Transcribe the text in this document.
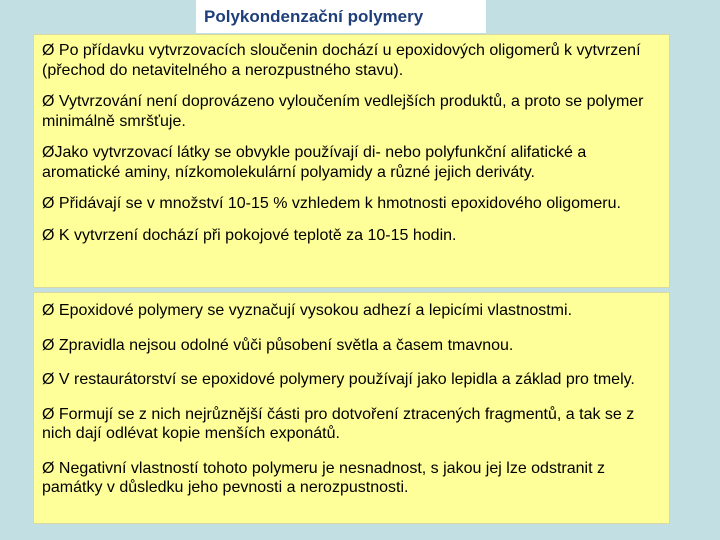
Polykondenzační polymery

Ø Po přídavku vytvrzovacích sloučenin dochází u epoxidových oligomerů k vytvrzení (přechod do netavitelného a nerozpustného stavu).

Ø Vytvrzování není doprovázeno vyloučením vedlejších produktů, a proto se polymer minimálně smršťuje.

ØJako vytvrzovací látky se obvykle používají di- nebo polyfunkční alifatické a aromatické aminy, nízkomolekulární polyamidy a různé jejich deriváty.

Ø Přidávají se v množství 10-15 % vzhledem k hmotnosti epoxidového oligomeru.

Ø K vytvrzení dochází při pokojové teplotě za 10-15 hodin.

Ø Epoxidové polymery se vyznačují vysokou adhezí a lepicími vlastnostmi.

Ø Zpravidla nejsou odolné vůči působení světla a časem tmavnou.

Ø V restaurátorství se epoxidové polymery používají jako lepidla a základ pro tmely.

Ø Formují se z nich nejrůznější části pro dotvoření ztracených fragmentů, a tak se z nich dají odlévat kopie menších exponátů.

Ø Negativní vlastností tohoto polymeru je nesnadnost, s jakou jej lze odstranit z památky v důsledku jeho pevnosti a nerozpustnosti.
